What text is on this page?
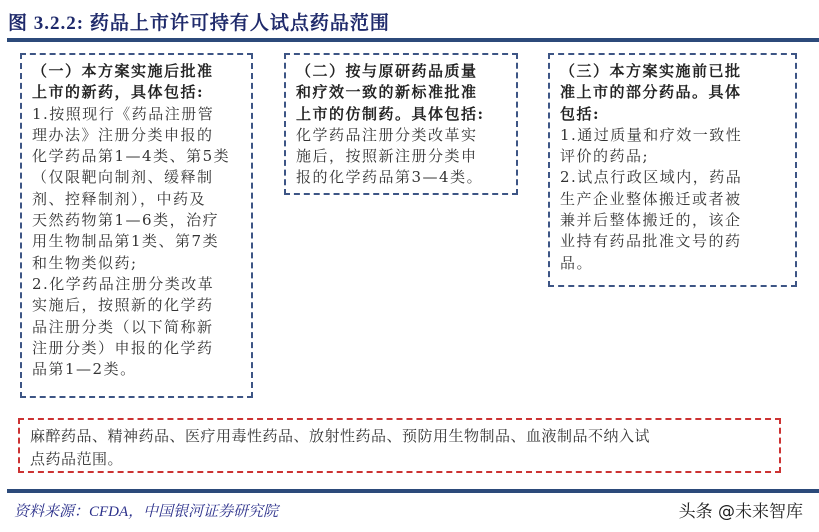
图 3.2.2: 药品上市许可持有人试点药品范围
（一）本方案实施后批准
上市的新药，具体包括:
1.按照现行《药品注册管
理办法》注册分类申报的
化学药品第1—4类、第5类
（仅限靶向制剂、缓释制
剂、控释制剂），中药及
天然药物第1—6类，治疗
用生物制品第1类、第7类
和生物类似药;
2.化学药品注册分类改革
实施后，按照新的化学药
品注册分类（以下简称新
注册分类）申报的化学药
品第1—2类。
（二）按与原研药品质量
和疗效一致的新标准批准
上市的仿制药。具体包括:
化学药品注册分类改革实
施后，按照新注册分类申
报的化学药品第3—4类。
（三）本方案实施前已批
准上市的部分药品。具体
包括:
1.通过质量和疗效一致性
评价的药品;
2.试点行政区域内，药品
生产企业整体搬迁或者被
兼并后整体搬迁的，该企
业持有药品批准文号的药
品。
麻醉药品、精神药品、医疗用毒性药品、放射性药品、预防用生物制品、血液制品不纳入试
点药品范围。
资料来源：CFDA，中国银河证券研究院	头条 @未来智库
